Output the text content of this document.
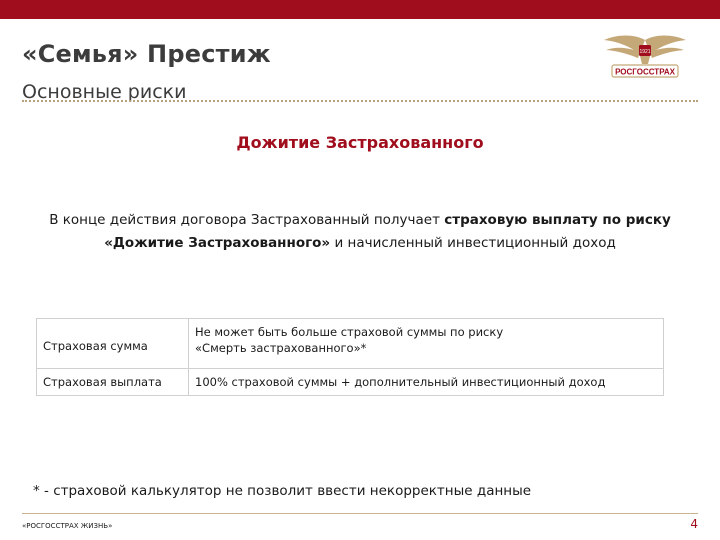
«Семья» Престиж
Основные риски
1921
РОСГОССТРАХ
Дожитие Застрахованного
В конце действия договора Застрахованный получает страховую выплату по риску
«Дожитие Застрахованного» и начисленный инвестиционный доход
Страховая сумма	Не может быть больше страховой суммы по риску
«Смерть застрахованного»*
Страховая выплата	100% страховой суммы + дополнительный инвестиционный доход
* - страховой калькулятор не позволит ввести некорректные данные
«РОСГОССТРАХ ЖИЗНЬ»	4
